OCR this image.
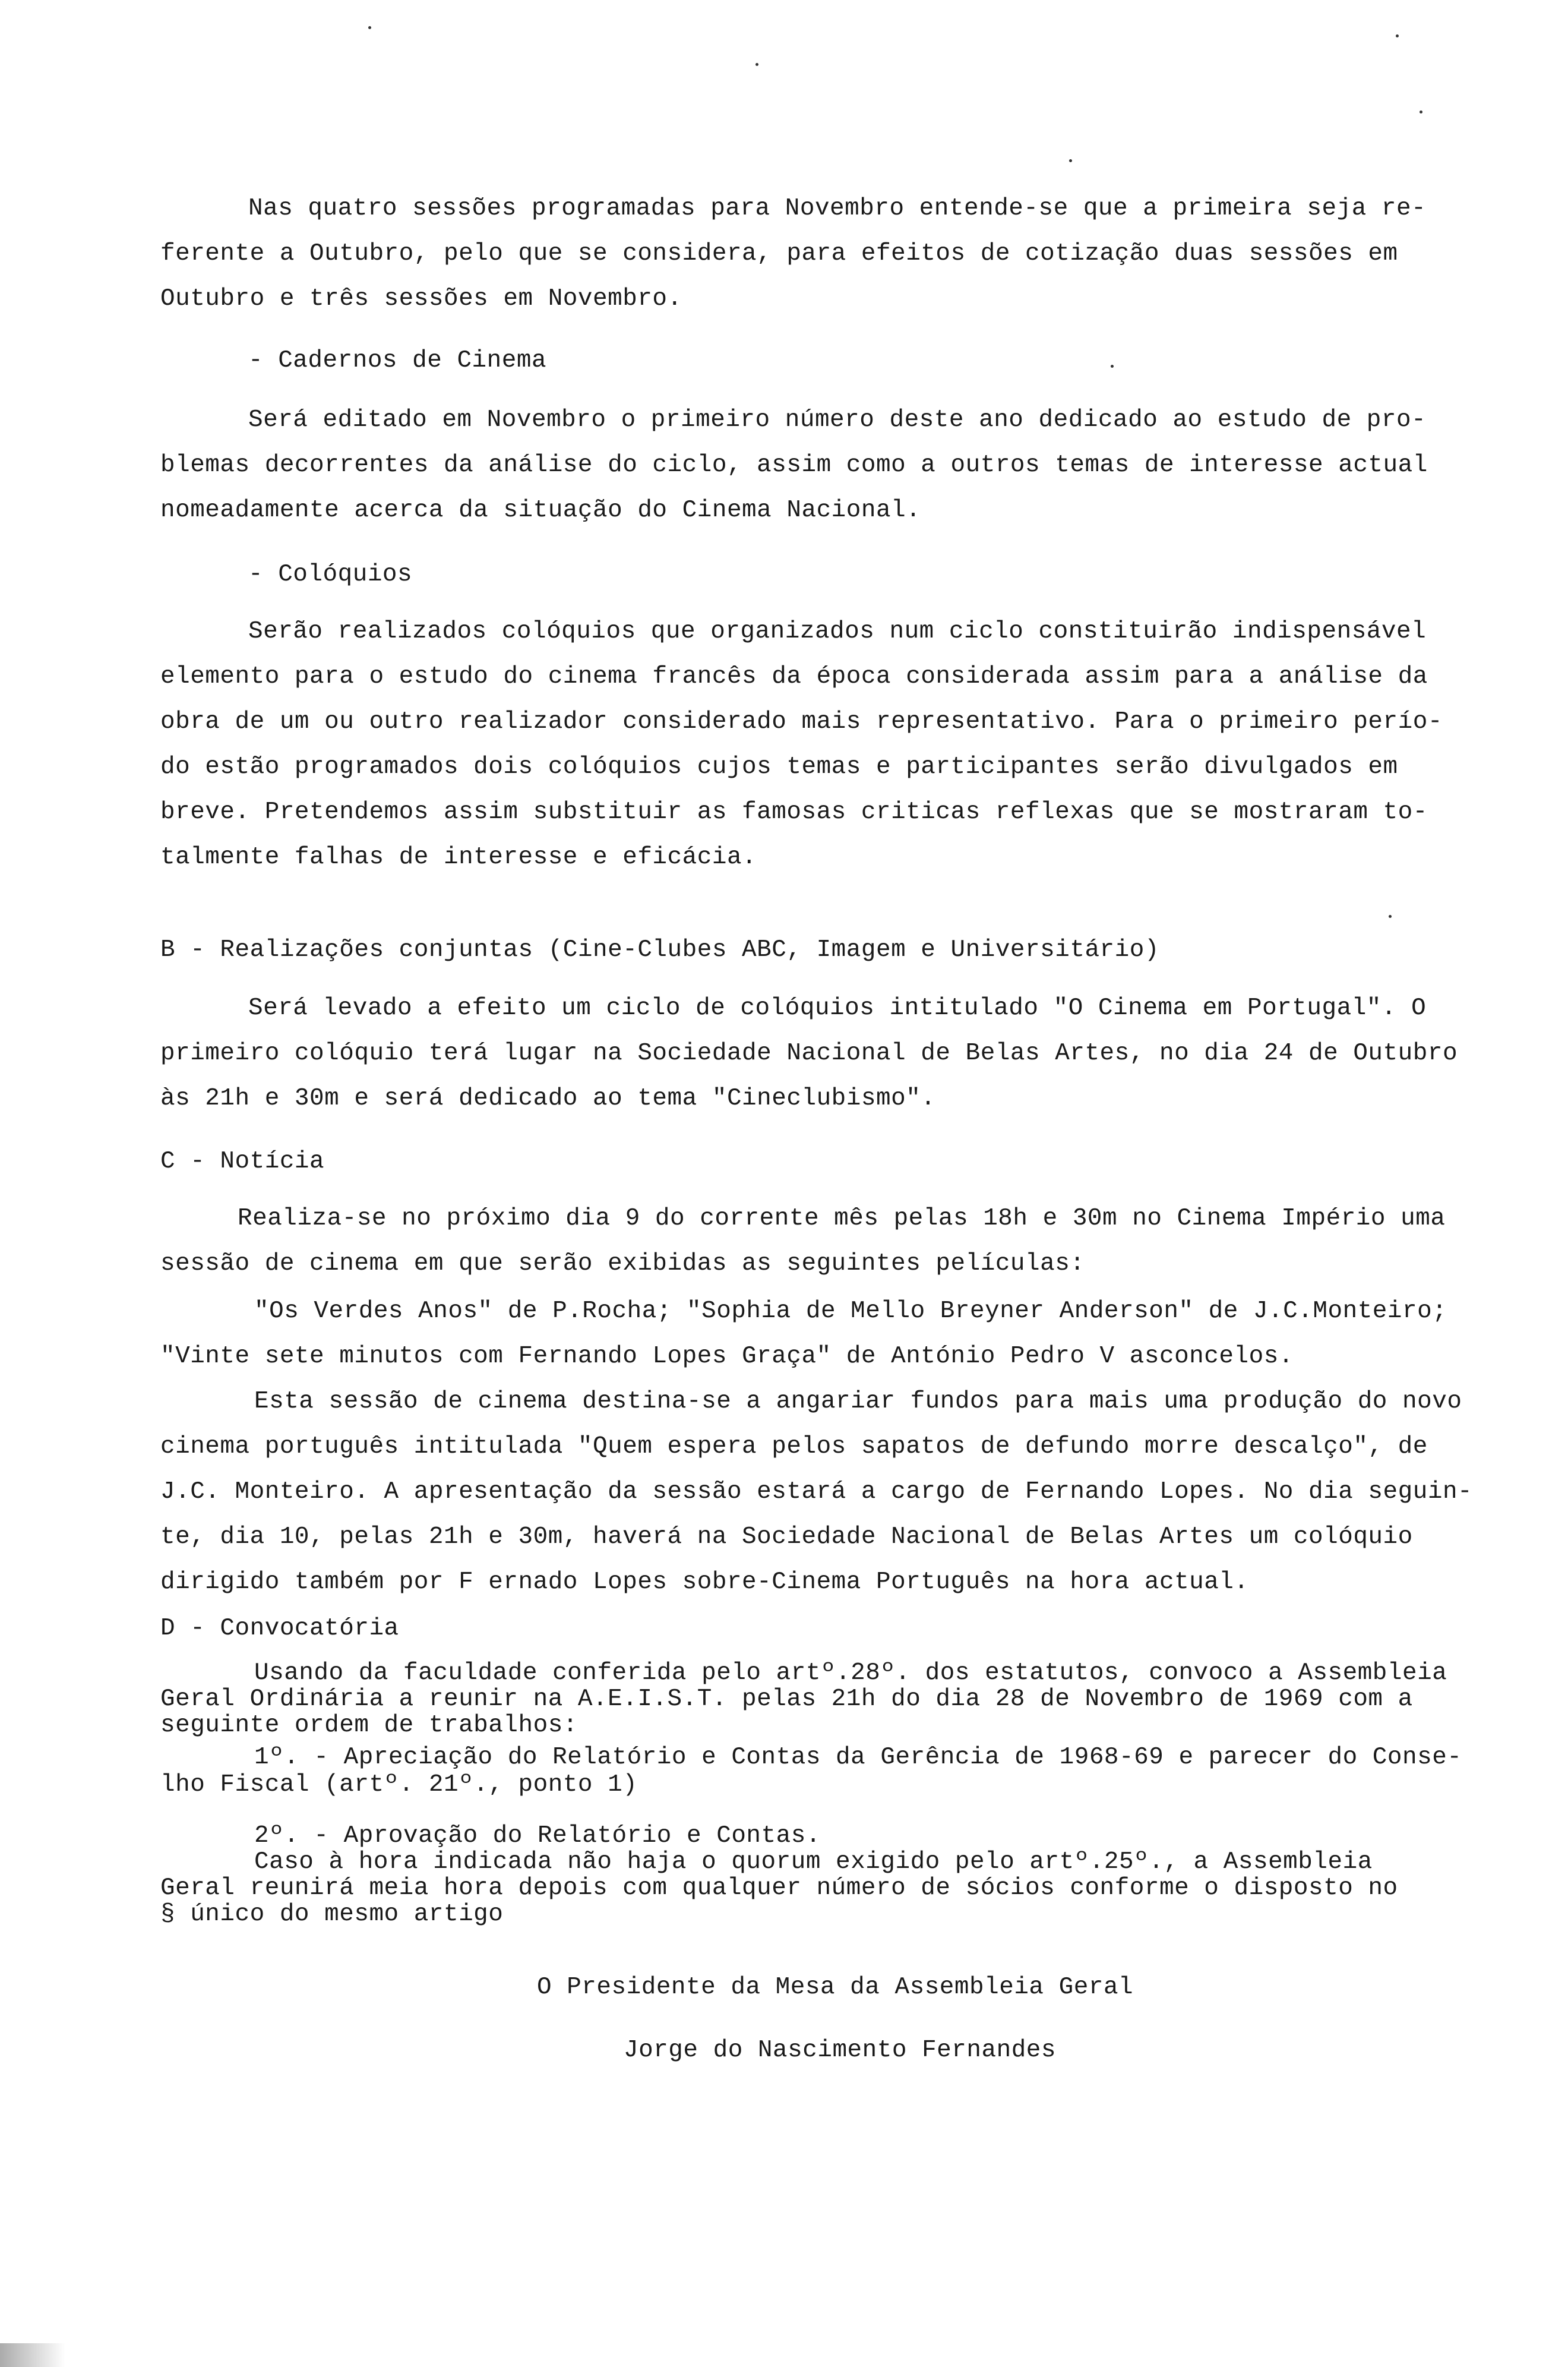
Nas quatro sessões programadas para Novembro entende-se que a primeira seja re-
ferente a Outubro, pelo que se considera, para efeitos de cotização duas sessões em
Outubro e três sessões em Novembro.
- Cadernos de Cinema
Será editado em Novembro o primeiro número deste ano dedicado ao estudo de pro-
blemas decorrentes da análise do ciclo, assim como a outros temas de interesse actual
nomeadamente acerca da situação do Cinema Nacional.
- Colóquios
Serão realizados colóquios que organizados num ciclo constituirão indispensável
elemento para o estudo do cinema francês da época considerada assim para a análise da
obra de um ou outro realizador considerado mais representativo. Para o primeiro perío-
do estão programados dois colóquios cujos temas e participantes serão divulgados em
breve. Pretendemos assim substituir as famosas criticas reflexas que se mostraram to-
talmente falhas de interesse e eficácia.
B - Realizações conjuntas (Cine-Clubes ABC, Imagem e Universitário)
Será levado a efeito um ciclo de colóquios intitulado "O Cinema em Portugal". O
primeiro colóquio terá lugar na Sociedade Nacional de Belas Artes, no dia 24 de Outubro
às 21h e 30m e será dedicado ao tema "Cineclubismo".
C - Notícia
Realiza-se no próximo dia 9 do corrente mês pelas 18h e 30m no Cinema Império uma
sessão de cinema em que serão exibidas as seguintes películas:
"Os Verdes Anos" de P.Rocha; "Sophia de Mello Breyner Anderson" de J.C.Monteiro;
"Vinte sete minutos com Fernando Lopes Graça" de António Pedro V asconcelos.
Esta sessão de cinema destina-se a angariar fundos para mais uma produção do novo
cinema português intitulada "Quem espera pelos sapatos de defundo morre descalço", de
J.C. Monteiro. A apresentação da sessão estará a cargo de Fernando Lopes. No dia seguin-
te, dia 10, pelas 21h e 30m, haverá na Sociedade Nacional de Belas Artes um colóquio
dirigido também por F ernado Lopes sobre-Cinema Português na hora actual.
D - Convocatória
Usando da faculdade conferida pelo artº.28º. dos estatutos, convoco a Assembleia
Geral Ordinária a reunir na A.E.I.S.T. pelas 21h do dia 28 de Novembro de 1969 com a
seguinte ordem de trabalhos:
1º. - Apreciação do Relatório e Contas da Gerência de 1968-69 e parecer do Conse-
lho Fiscal (artº. 21º., ponto 1)
2º. - Aprovação do Relatório e Contas.
Caso à hora indicada não haja o quorum exigido pelo artº.25º., a Assembleia
Geral reunirá meia hora depois com qualquer número de sócios conforme o disposto no
§ único do mesmo artigo
O Presidente da Mesa da Assembleia Geral
Jorge do Nascimento Fernandes
